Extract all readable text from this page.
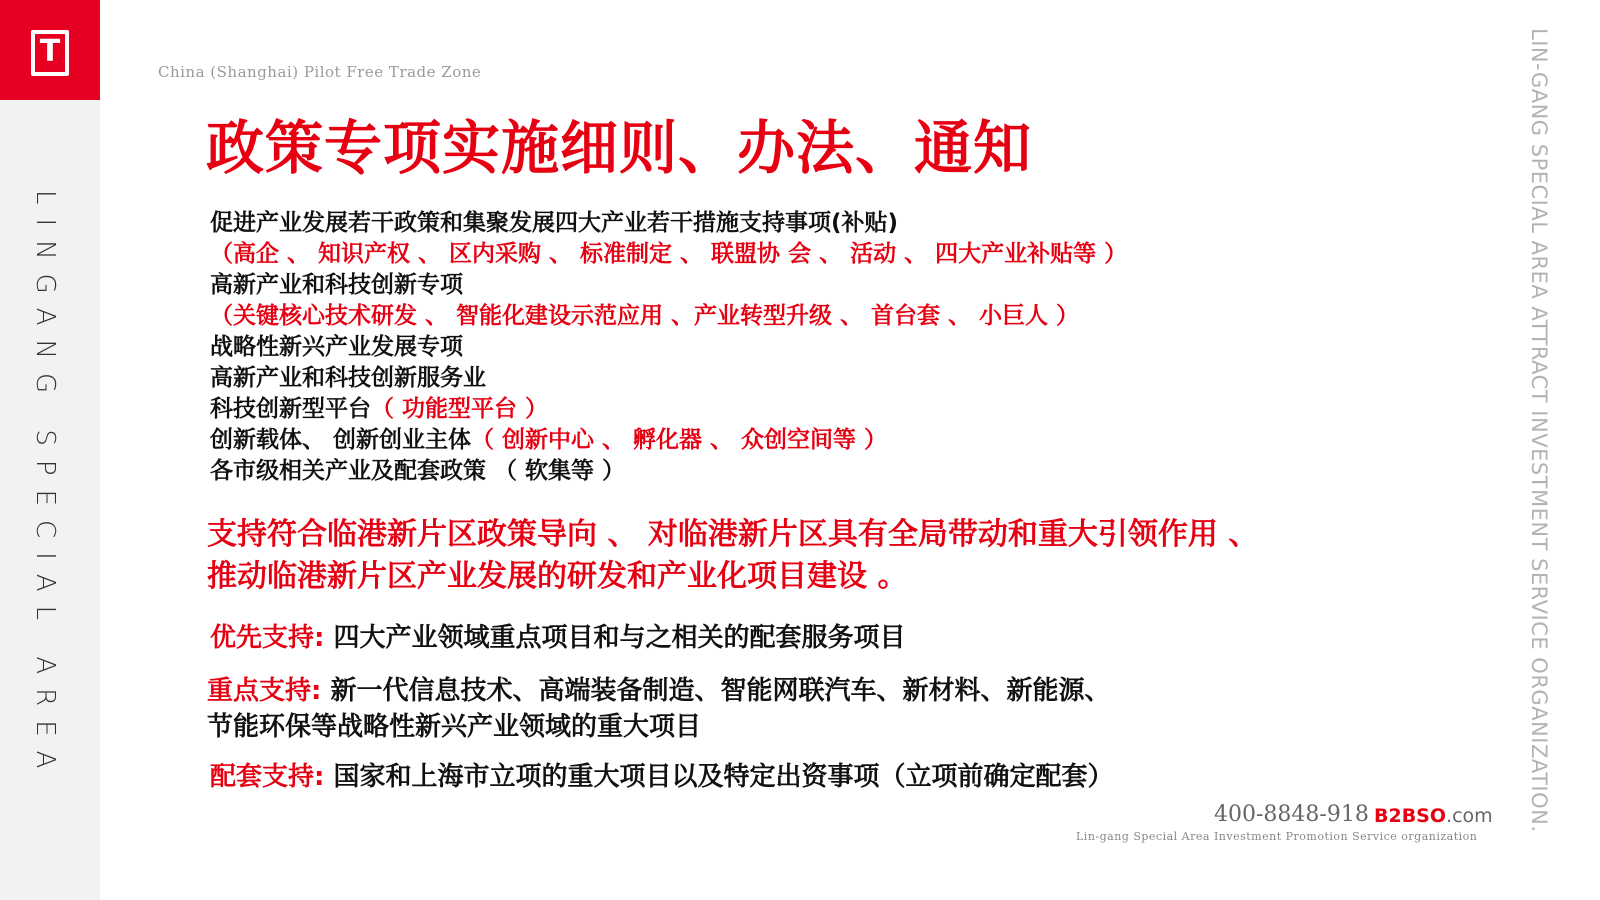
T
LINGANG SPECIAL AREA	LIN-GANG SPECIAL AREA ATTRACT INVESTMENT SERVICE ORGANIZATION.
China (Shanghai) Pilot Free Trade Zone
政策专项实施细则、办法、通知
促进产业发展若干政策和集聚发展四大产业若干措施支持事项(补贴)
（高企 、 知识产权 、 区内采购 、 标准制定 、 联盟协 会 、 活动 、 四大产业补贴等 ）
高新产业和科技创新专项
（关键核心技术研发 、 智能化建设示范应用 、产业转型升级 、 首台套 、 小巨人 ）
战略性新兴产业发展专项
高新产业和科技创新服务业
科技创新型平台（ 功能型平台 ）
创新载体、 创新创业主体（ 创新中心 、 孵化器 、 众创空间等 ）
各市级相关产业及配套政策 （ 软集等 ）
支持符合临港新片区政策导向 、 对临港新片区具有全局带动和重大引领作用 、
推动临港新片区产业发展的研发和产业化项目建设 。
优先支持: 四大产业领域重点项目和与之相关的配套服务项目
重点支持: 新一代信息技术、高端装备制造、智能网联汽车、新材料、新能源、
节能环保等战略性新兴产业领域的重大项目
配套支持: 国家和上海市立项的重大项目以及特定出资事项（立项前确定配套）
400-8848-918 B2BSO.com
Lin-gang Special Area Investment Promotion Service organization
